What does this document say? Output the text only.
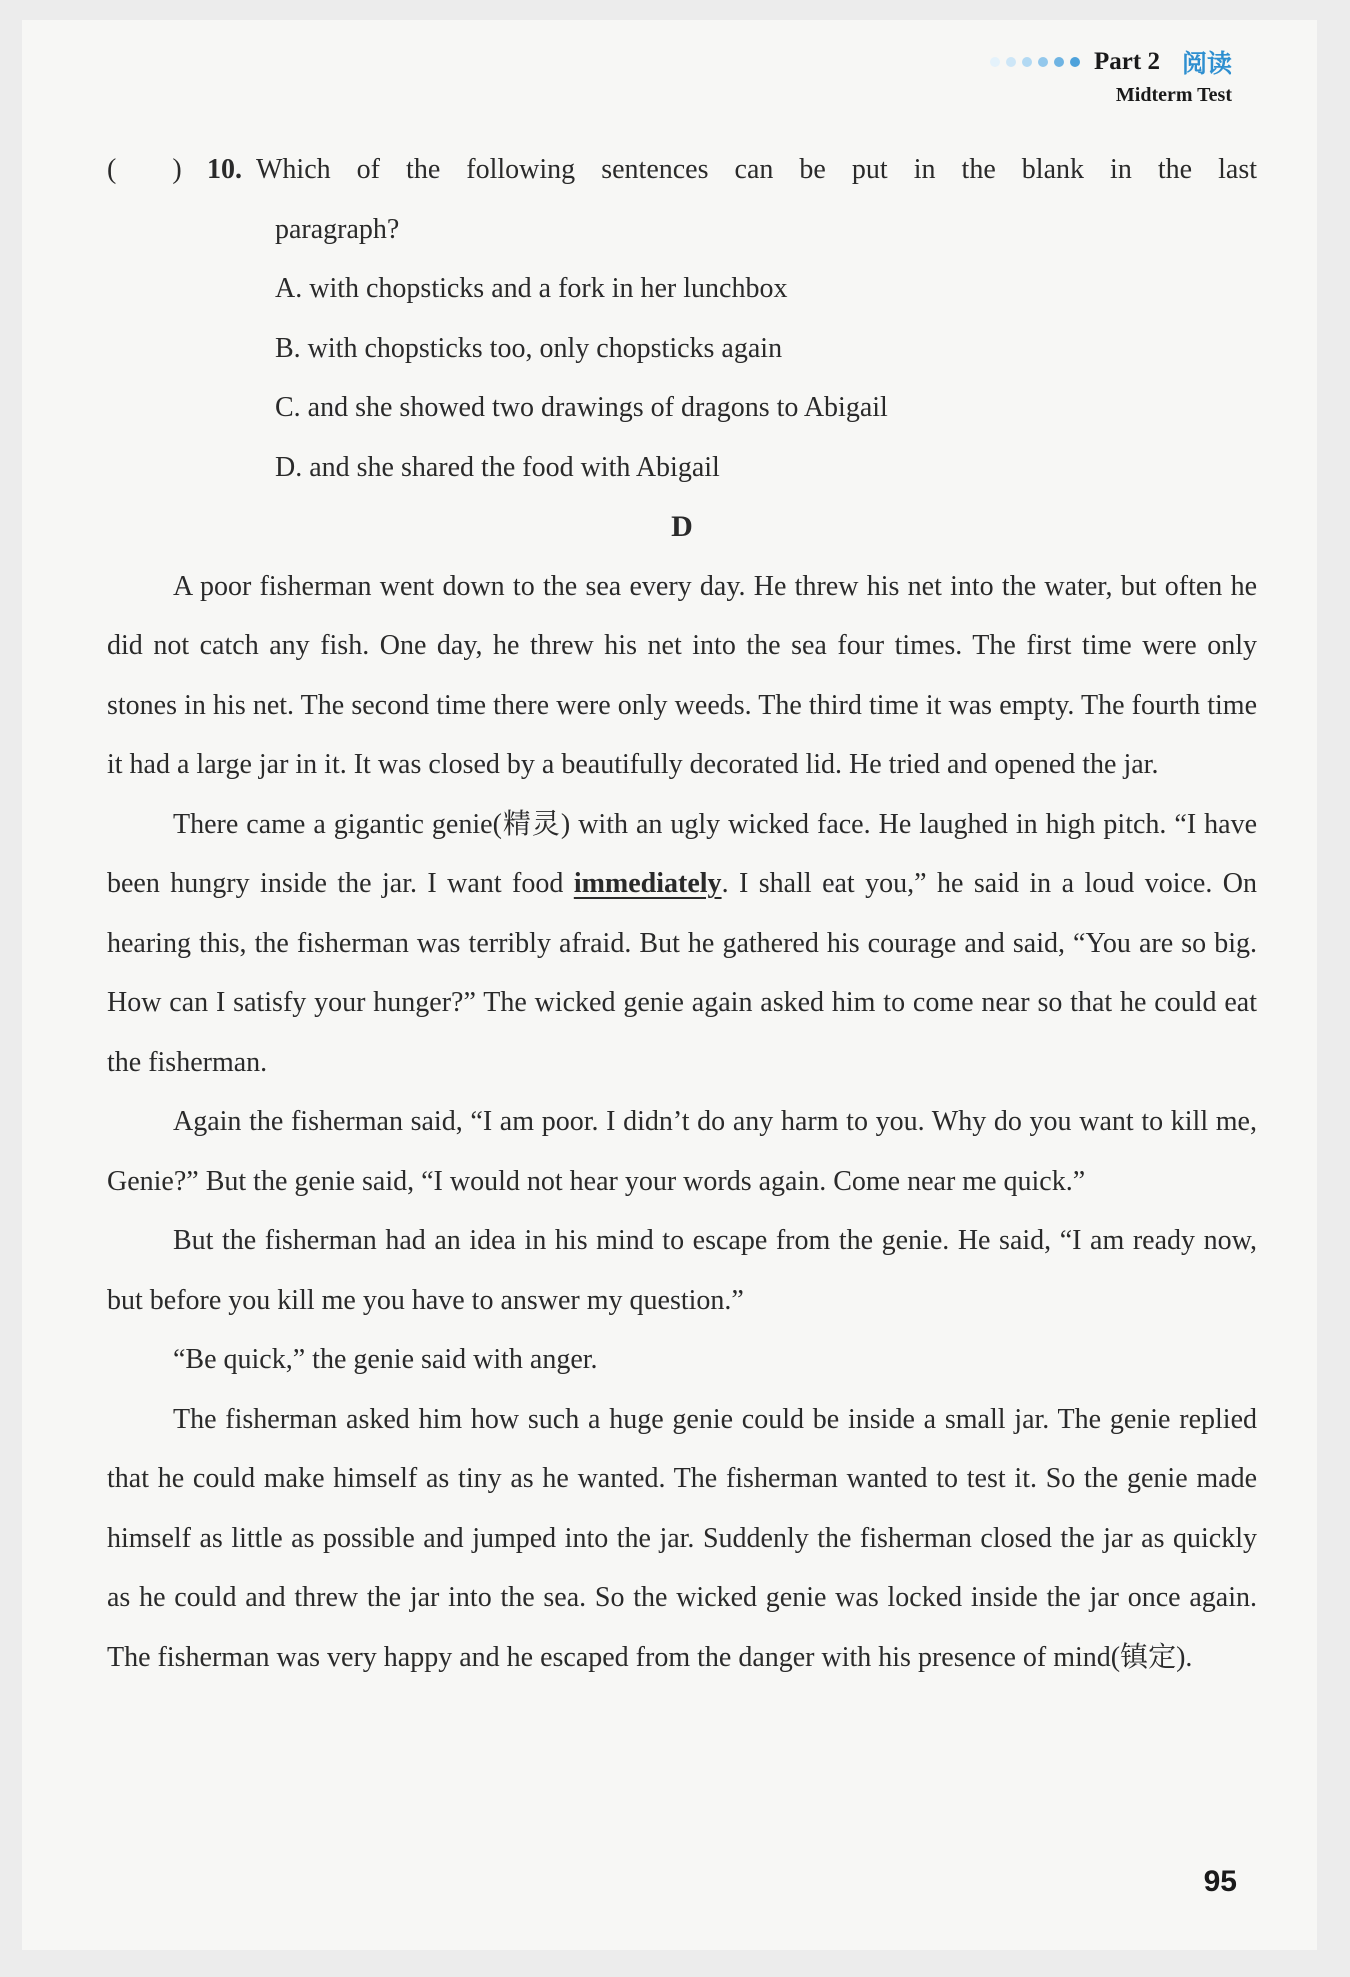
Part 2 阅读
Midterm Test
(        ) 10. Which of the following sentences can be put in the blank in the last
paragraph?
A. with chopsticks and a fork in her lunchbox
B. with chopsticks too, only chopsticks again
C. and she showed two drawings of dragons to Abigail
D. and she shared the food with Abigail
D

A poor fisherman went down to the sea every day. He threw his net into the water, but often he did not catch any fish. One day, he threw his net into the sea four times. The first time were only stones in his net. The second time there were only weeds. The third time it was empty. The fourth time it had a large jar in it. It was closed by a beautifully decorated lid. He tried and opened the jar.

There came a gigantic genie(精灵) with an ugly wicked face. He laughed in high pitch. “I have been hungry inside the jar. I want food immediately. I shall eat you,” he said in a loud voice. On hearing this, the fisherman was terribly afraid. But he gathered his courage and said, “You are so big. How can I satisfy your hunger?” The wicked genie again asked him to come near so that he could eat the fisherman.

Again the fisherman said, “I am poor. I didn’t do any harm to you. Why do you want to kill me, Genie?” But the genie said, “I would not hear your words again. Come near me quick.”

But the fisherman had an idea in his mind to escape from the genie. He said, “I am ready now, but before you kill me you have to answer my question.”

“Be quick,” the genie said with anger.

The fisherman asked him how such a huge genie could be inside a small jar. The genie replied that he could make himself as tiny as he wanted. The fisherman wanted to test it. So the genie made himself as little as possible and jumped into the jar. Suddenly the fisherman closed the jar as quickly as he could and threw the jar into the sea. So the wicked genie was locked inside the jar once again. The fisherman was very happy and he escaped from the danger with his presence of mind(镇定).

95
